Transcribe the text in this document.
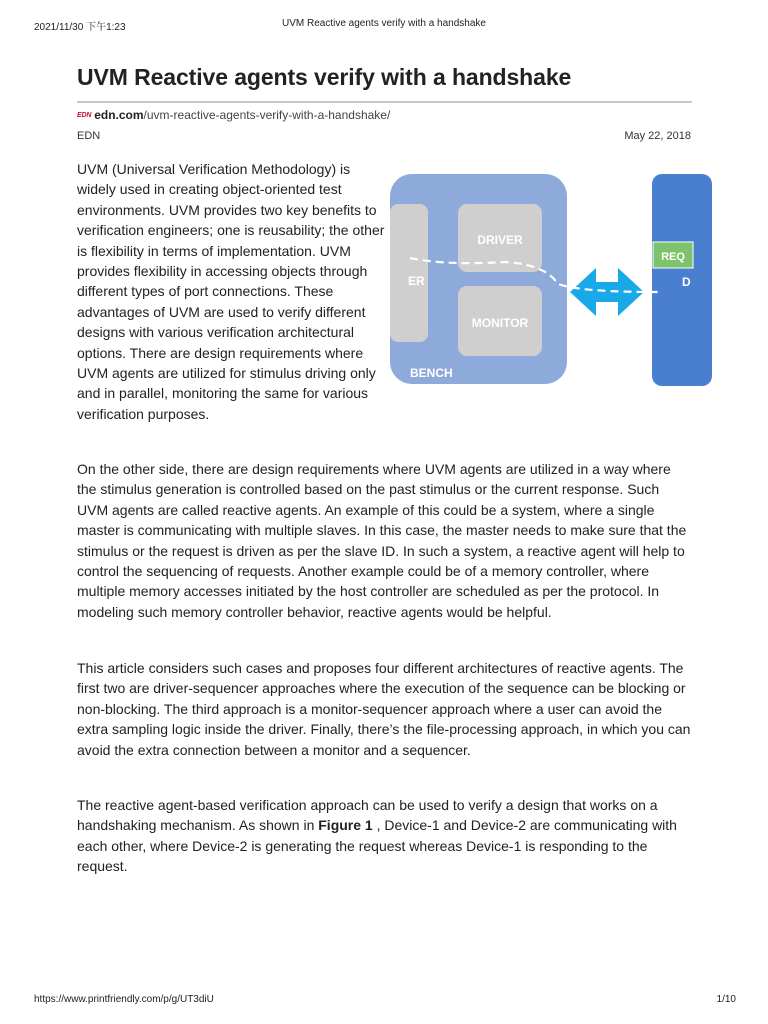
2021/11/30 下午1:23	UVM Reactive agents verify with a handshake
UVM Reactive agents verify with a handshake
EDN edn.com/uvm-reactive-agents-verify-with-a-handshake/
EDN	May 22, 2018

UVM (Universal Verification Methodology) is widely used in creating object-oriented test environments. UVM provides two key benefits to verification engineers; one is reusability; the other is flexibility in terms of implementation. UVM provides flexibility in accessing objects through different types of port connections. These advantages of UVM are used to verify different designs with various verification architectural options. There are design requirements where UVM agents are utilized for stimulus driving only and in parallel, monitoring the same for various verification purposes.

DRIVER
MONITOR
ER
BENCH
REQ
D

On the other side, there are design requirements where UVM agents are utilized in a way where the stimulus generation is controlled based on the past stimulus or the current response. Such UVM agents are called reactive agents. An example of this could be a system, where a single master is communicating with multiple slaves. In this case, the master needs to make sure that the stimulus or the request is driven as per the slave ID. In such a system, a reactive agent will help to control the sequencing of requests. Another example could be of a memory controller, where multiple memory accesses initiated by the host controller are scheduled as per the protocol. In modeling such memory controller behavior, reactive agents would be helpful.

This article considers such cases and proposes four different architectures of reactive agents. The first two are driver-sequencer approaches where the execution of the sequence can be blocking or non-blocking. The third approach is a monitor-sequencer approach where a user can avoid the extra sampling logic inside the driver. Finally, there’s the file-processing approach, in which you can avoid the extra connection between a monitor and a sequencer.

The reactive agent-based verification approach can be used to verify a design that works on a handshaking mechanism. As shown in Figure 1 , Device-1 and Device-2 are communicating with each other, where Device-2 is generating the request whereas Device-1 is responding to the request.

https://www.printfriendly.com/p/g/UT3diU	1/10
